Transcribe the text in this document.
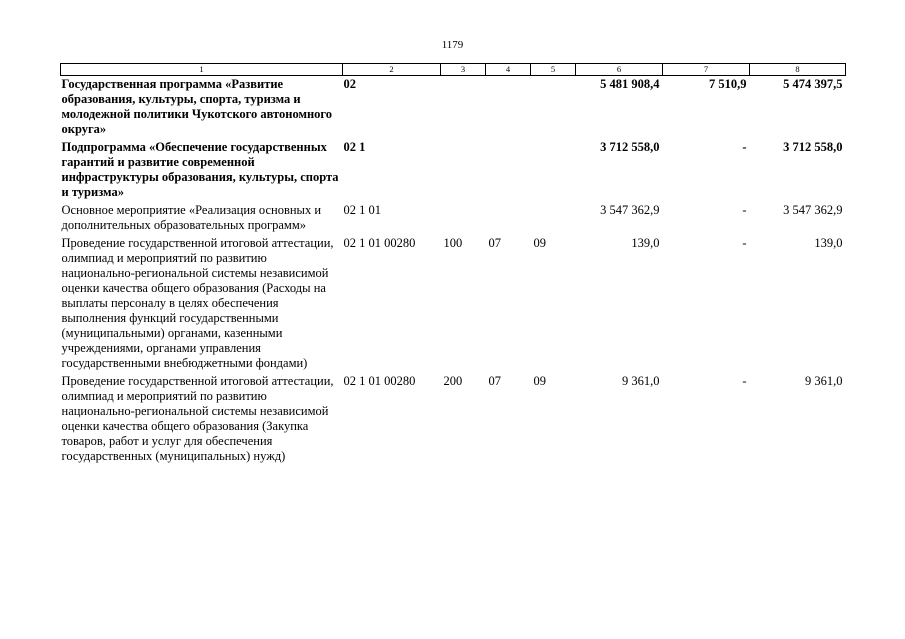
1179
1	2	3	4	5	6	7	8
Государственная программа «Развитие образования, культуры, спорта, туризма и молодежной политики Чукотского автономного округа»	02				5 481 908,4	7 510,9	5 474 397,5
Подпрограмма «Обеспечение государственных гарантий и развитие современной инфраструктуры образования, культуры, спорта и туризма»	02 1				3 712 558,0	-	3 712 558,0
Основное мероприятие «Реализация основных и дополнительных образовательных программ»	02 1 01				3 547 362,9	-	3 547 362,9
Проведение государственной итоговой аттестации, олимпиад и мероприятий по развитию национально-региональной системы независимой оценки качества общего образования (Расходы на выплаты персоналу в целях обеспечения выполнения функций государственными (муниципальными) органами, казенными учреждениями, органами управления государственными внебюджетными фондами)	02 1 01 00280	100	07	09	139,0	-	139,0
Проведение государственной итоговой аттестации, олимпиад и мероприятий по развитию национально-региональной системы независимой оценки качества общего образования (Закупка товаров, работ и услуг для обеспечения государственных (муниципальных) нужд)	02 1 01 00280	200	07	09	9 361,0	-	9 361,0
